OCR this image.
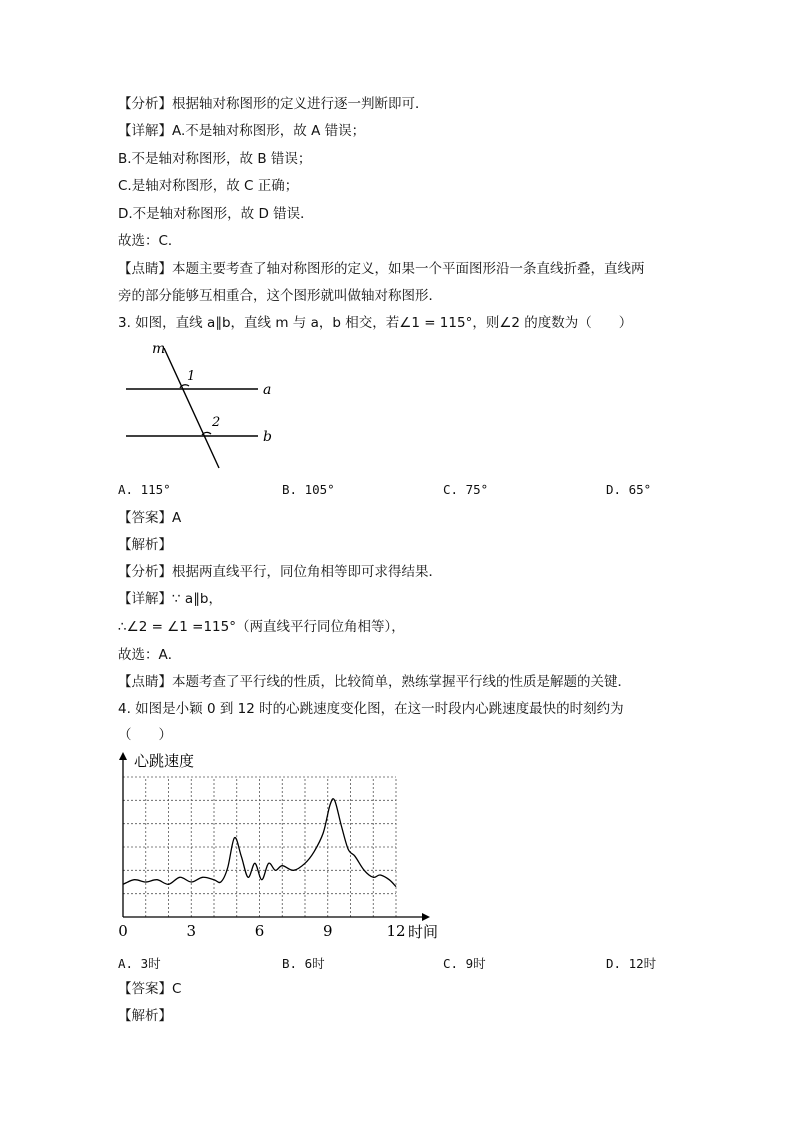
【分析】根据轴对称图形的定义进行逐一判断即可．
【详解】A.不是轴对称图形，故 A 错误；
B.不是轴对称图形，故 B 错误；
C.是轴对称图形，故 C 正确；
D.不是轴对称图形，故 D 错误．
故选：C．
【点睛】本题主要考查了轴对称图形的定义，如果一个平面图形沿一条直线折叠，直线两
旁的部分能够互相重合，这个图形就叫做轴对称图形．
3. 如图，直线 a∥b，直线 m 与 a，b 相交，若∠1 = 115°，则∠2 的度数为（　　）
m
a
b
1
2
A. 115°	B. 105°	C. 75°	D. 65°
【答案】A
【解析】
【分析】根据两直线平行，同位角相等即可求得结果．
【详解】∵ a∥b，
∴∠2 = ∠1 =115°（两直线平行同位角相等），
故选：A．
【点睛】本题考查了平行线的性质，比较简单，熟练掌握平行线的性质是解题的关键．
4. 如图是小颖 0 到 12 时的心跳速度变化图，在这一时段内心跳速度最快的时刻约为
（　　）
心跳速度
时间
0	3	6	9	12
A. 3时	B. 6时	C. 9时	D. 12时
【答案】C
【解析】
